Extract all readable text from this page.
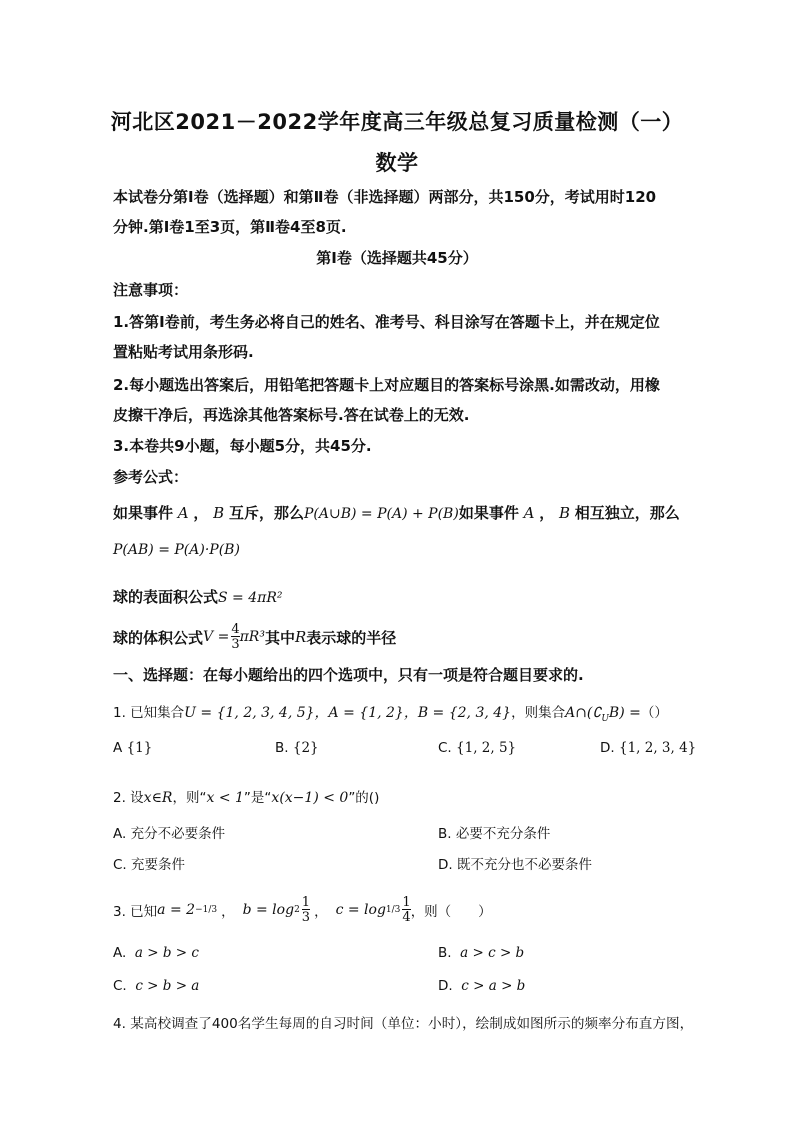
河北区2021－2022学年度高三年级总复习质量检测（一）
数学
本试卷分第Ⅰ卷（选择题）和第Ⅱ卷（非选择题）两部分，共150分，考试用时120
分钟.第Ⅰ卷1至3页，第Ⅱ卷4至8页.
第Ⅰ卷（选择题共45分）
注意事项：
1.答第Ⅰ卷前，考生务必将自己的姓名、准考号、科目涂写在答题卡上，并在规定位
置粘贴考试用条形码.
2.每小题选出答案后，用铅笔把答题卡上对应题目的答案标号涂黑.如需改动，用橡
皮擦干净后，再选涂其他答案标号.答在试卷上的无效.
3.本卷共9小题，每小题5分，共45分.
参考公式：
如果事件 A ， B 互斥，那么P(A∪B) = P(A) + P(B)如果事件 A ， B 相互独立，那么
P(AB) = P(A)·P(B)
球的表面积公式S = 4πR²
球的体积公式 $V = \frac{4}{3} \pi R^3$ 其中 R 表示球的半径
一、选择题：在每小题给出的四个选项中，只有一项是符合题目要求的.
1. 已知集合U = {1, 2, 3, 4, 5}，A = {1, 2}，B = {2, 3, 4}，则集合$A\cap(∁_UB)$ =（）
A {1}	B. {2}	C. {1, 2, 5}	D. {1, 2, 3, 4}
2. 设x∈R，则“x < 1”是“x(x−1) < 0”的()
A. 充分不必要条件	B. 必要不充分条件
C. 充要条件	D. 既不充分也不必要条件
3. 已知 a = 2 −1/3 ， $b = \log 2 \frac{1}{3}$ ， $c = \log 1/3 \frac{1}{4}$ ，则（　　）
A. a > b > c	B. a > c > b
C. c > b > a	D. c > a > b
4. 某高校调查了400名学生每周的自习时间（单位：小时），绘制成如图所示的频率分布直方图，
